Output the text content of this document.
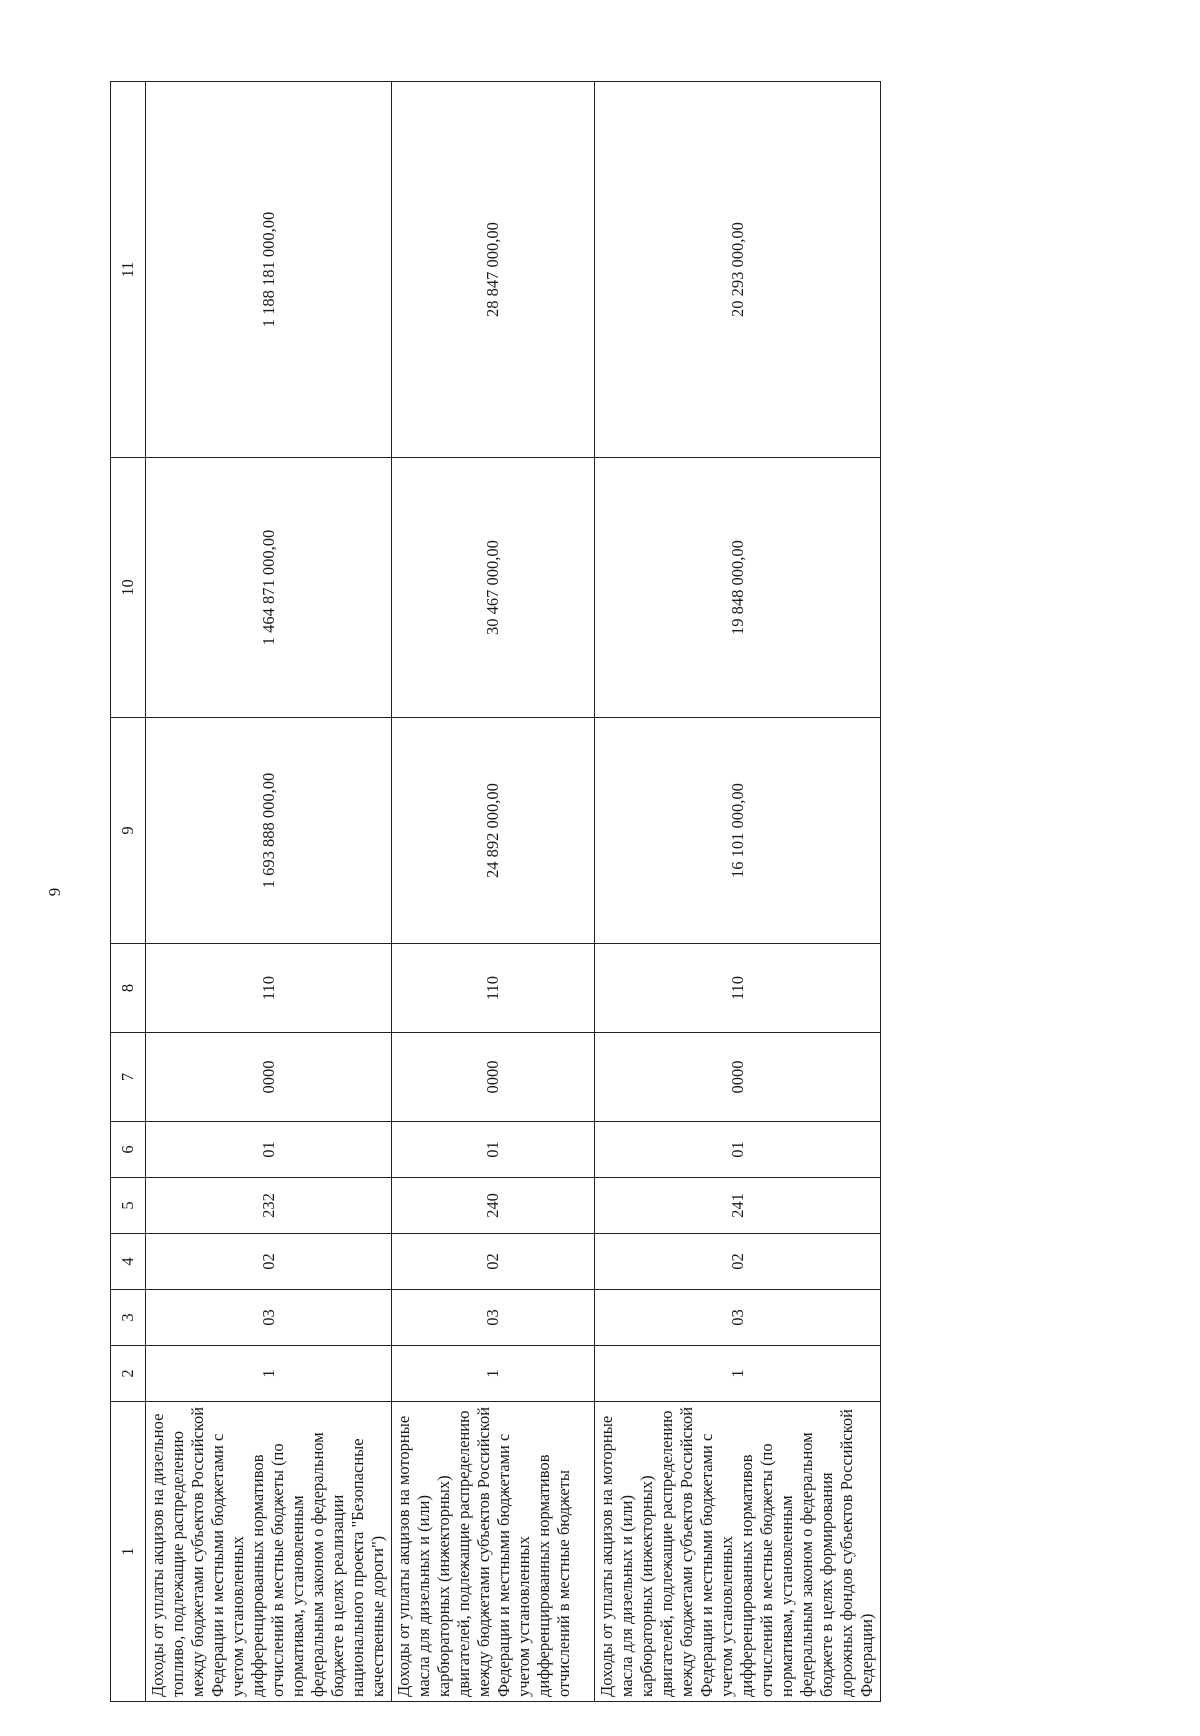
9
1	2	3	4	5	6	7	8	9	10	11
Доходы от уплаты акцизов на дизельное топливо, подлежащие распределению между бюджетами субъектов Российской Федерации и местными бюджетами с учетом установленных дифференцированных нормативов отчислений в местные бюджеты (по нормативам, установленным федеральным законом о федеральном бюджете в целях реализации национального проекта "Безопасные качественные дороги")	1	03	02	232	01	0000	110	1 693 888 000,00	1 464 871 000,00	1 188 181 000,00
Доходы от уплаты акцизов на моторные масла для дизельных и (или) карбюраторных (инжекторных) двигателей, подлежащие распределению между бюджетами субъектов Российской Федерации и местными бюджетами с учетом установленных дифференцированных нормативов отчислений в местные бюджеты	1	03	02	240	01	0000	110	24 892 000,00	30 467 000,00	28 847 000,00
Доходы от уплаты акцизов на моторные масла для дизельных и (или) карбюраторных (инжекторных) двигателей, подлежащие распределению между бюджетами субъектов Российской Федерации и местными бюджетами с учетом установленных дифференцированных нормативов отчислений в местные бюджеты (по нормативам, установленным федеральным законом о федеральном бюджете в целях формирования дорожных фондов субъектов Российской Федерации)	1	03	02	241	01	0000	110	16 101 000,00	19 848 000,00	20 293 000,00
